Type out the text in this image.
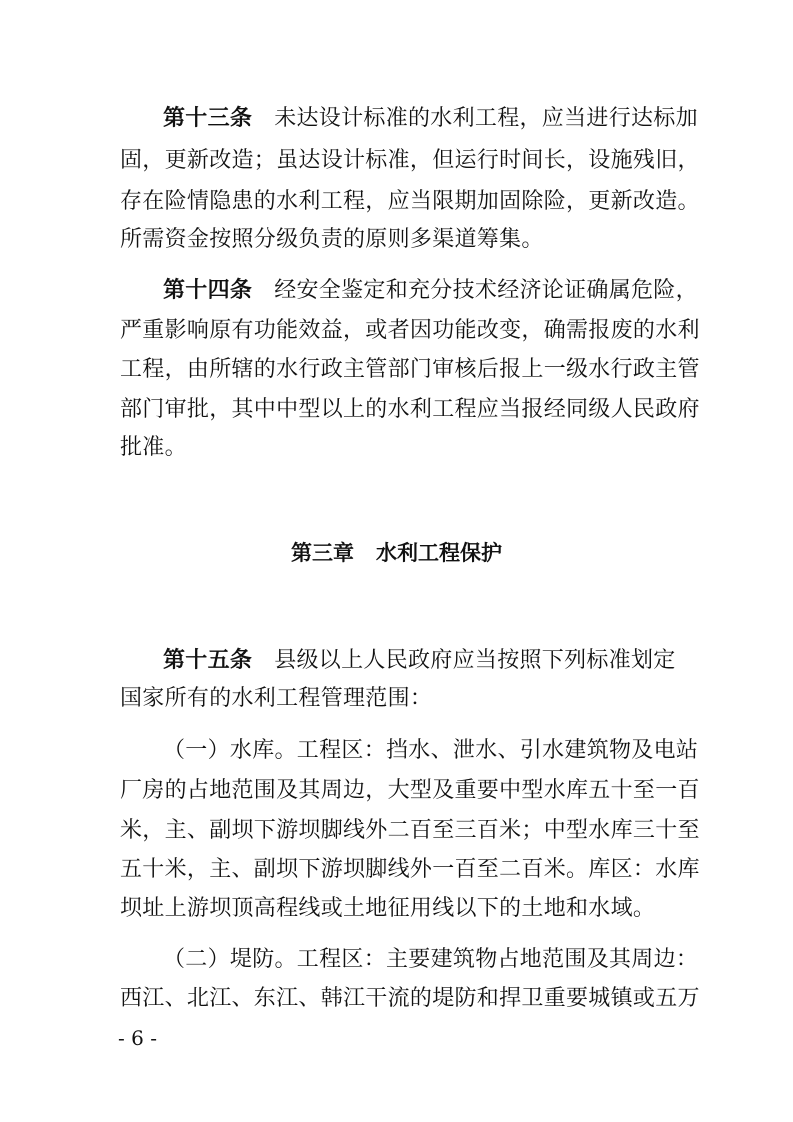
第十三条 未达设计标准的水利工程，应当进行达标加
固，更新改造；虽达设计标准，但运行时间长，设施残旧，
存在险情隐患的水利工程，应当限期加固除险，更新改造。
所需资金按照分级负责的原则多渠道筹集。
第十四条 经安全鉴定和充分技术经济论证确属危险，
严重影响原有功能效益，或者因功能改变，确需报废的水利
工程，由所辖的水行政主管部门审核后报上一级水行政主管
部门审批，其中中型以上的水利工程应当报经同级人民政府
批准。
第三章 水利工程保护
第十五条 县级以上人民政府应当按照下列标准划定
国家所有的水利工程管理范围：
（一）水库。工程区：挡水、泄水、引水建筑物及电站
厂房的占地范围及其周边，大型及重要中型水库五十至一百
米，主、副坝下游坝脚线外二百至三百米；中型水库三十至
五十米，主、副坝下游坝脚线外一百至二百米。库区：水库
坝址上游坝顶高程线或土地征用线以下的土地和水域。
（二）堤防。工程区：主要建筑物占地范围及其周边：
西江、北江、东江、韩江干流的堤防和捍卫重要城镇或五万
- 6 -
